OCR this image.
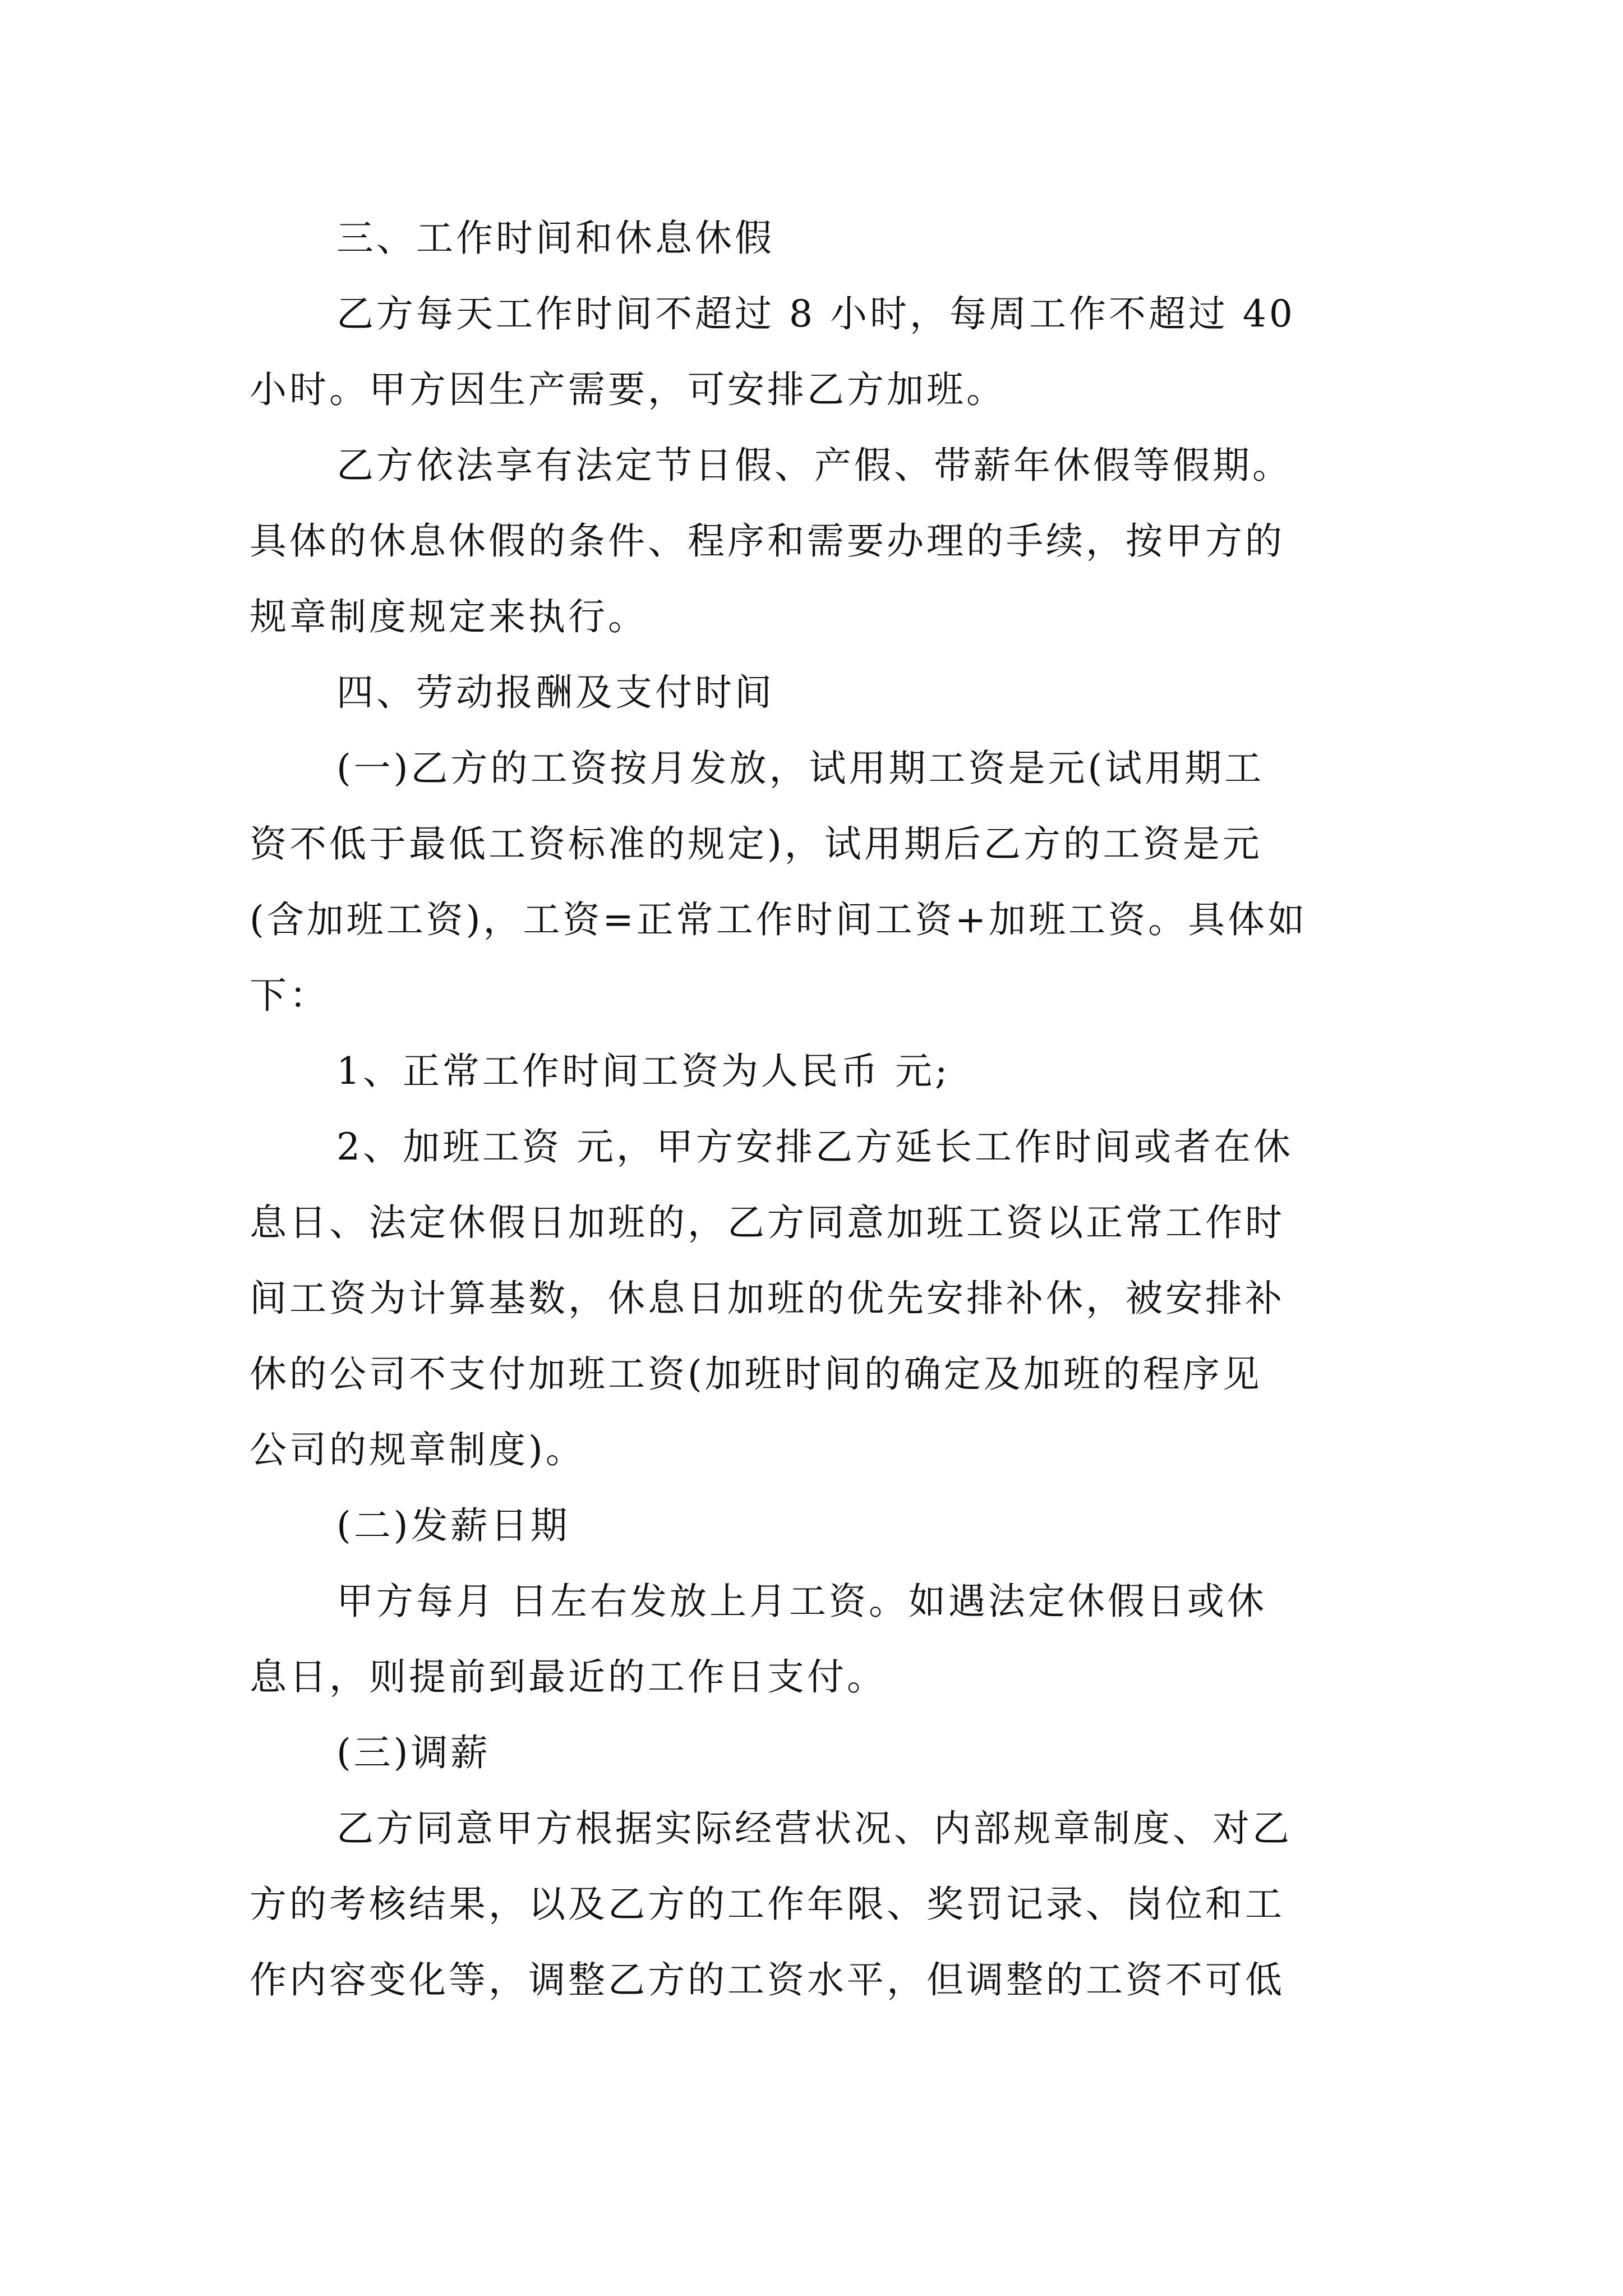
三、工作时间和休息休假
乙方每天工作时间不超过 8 小时，每周工作不超过 40
小时。甲方因生产需要，可安排乙方加班。
乙方依法享有法定节日假、产假、带薪年休假等假期。
具体的休息休假的条件、程序和需要办理的手续，按甲方的
规章制度规定来执行。
四、劳动报酬及支付时间
(一)乙方的工资按月发放，试用期工资是元(试用期工
资不低于最低工资标准的规定)，试用期后乙方的工资是元
(含加班工资)，工资=正常工作时间工资+加班工资。具体如
下：
1、正常工作时间工资为人民币 元;
2、加班工资 元，甲方安排乙方延长工作时间或者在休
息日、法定休假日加班的，乙方同意加班工资以正常工作时
间工资为计算基数，休息日加班的优先安排补休，被安排补
休的公司不支付加班工资(加班时间的确定及加班的程序见
公司的规章制度)。
(二)发薪日期
甲方每月 日左右发放上月工资。如遇法定休假日或休
息日，则提前到最近的工作日支付。
(三)调薪
乙方同意甲方根据实际经营状况、内部规章制度、对乙
方的考核结果，以及乙方的工作年限、奖罚记录、岗位和工
作内容变化等，调整乙方的工资水平，但调整的工资不可低
